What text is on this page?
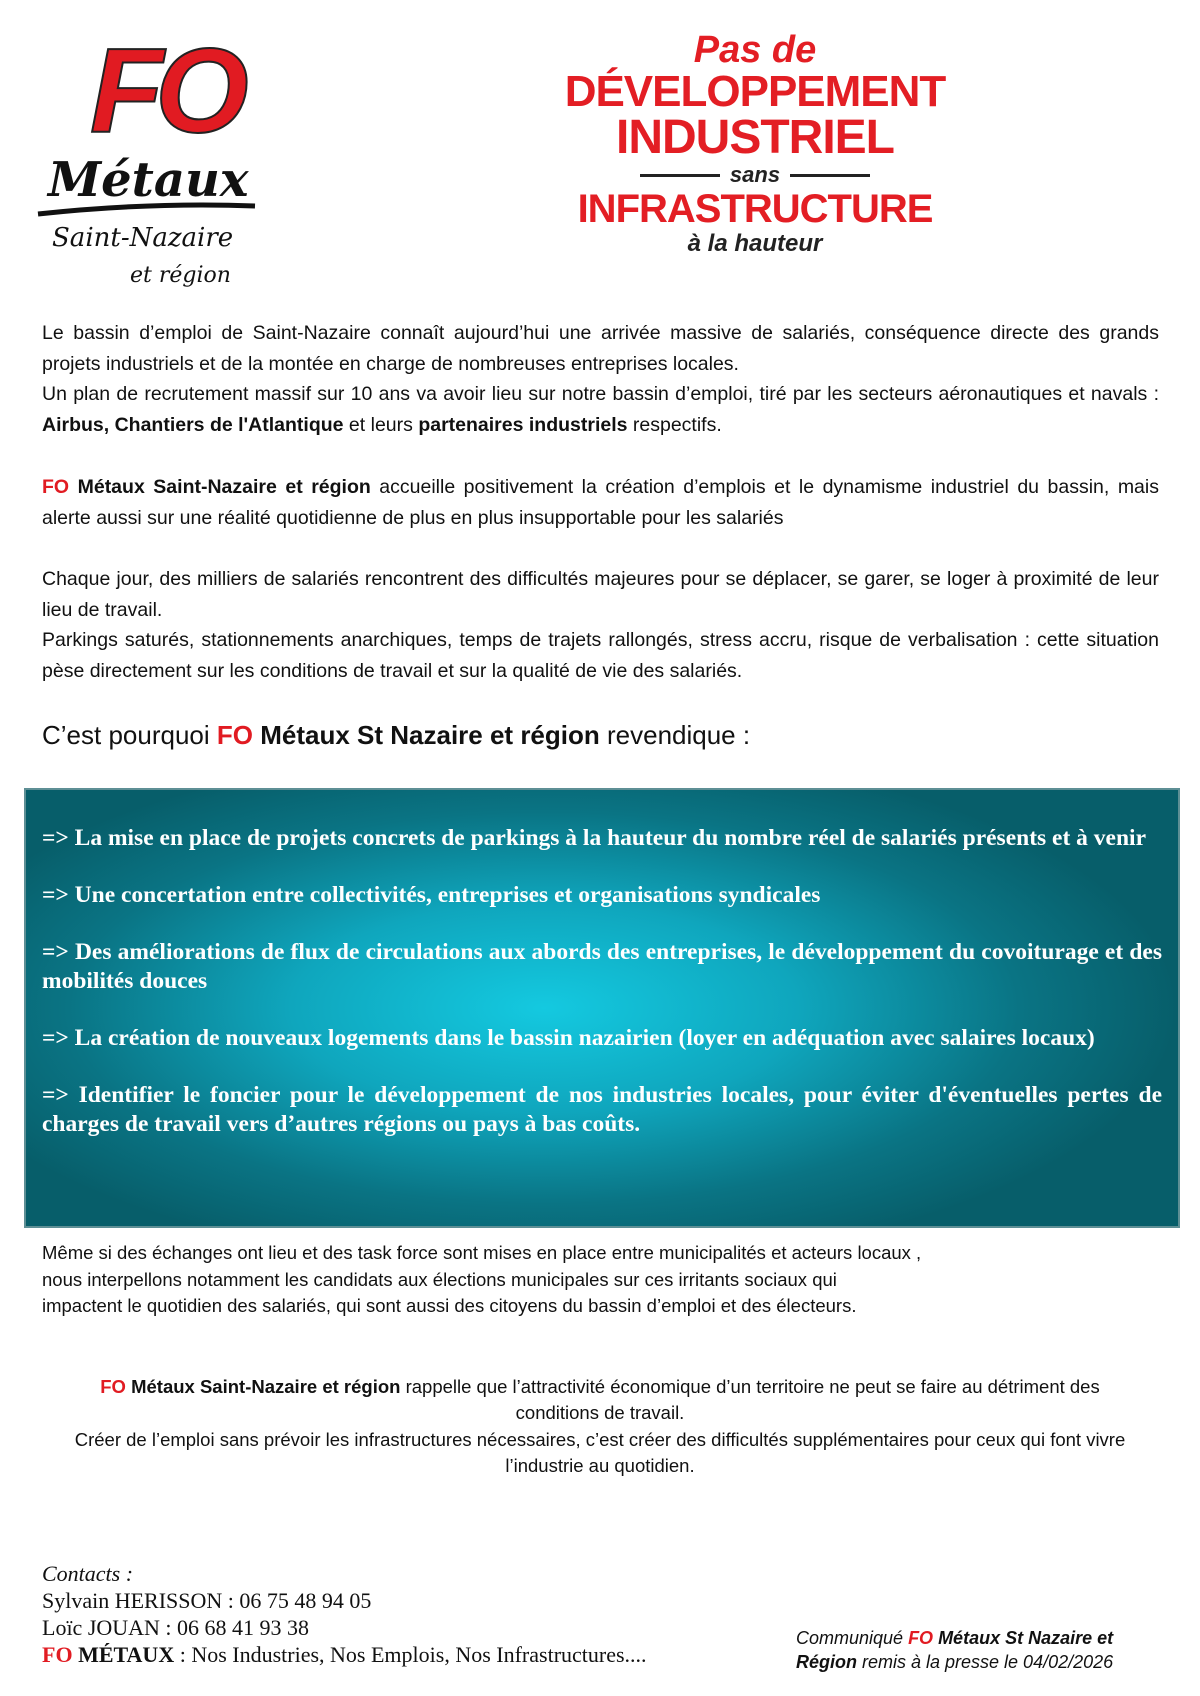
FO
Métaux
Saint-Nazaire
et région
Pas de
DÉVELOPPEMENT
INDUSTRIEL
sans
INFRASTRUCTURE
à la hauteur
Le bassin d’emploi de Saint-Nazaire connaît aujourd’hui une arrivée massive de salariés, conséquence directe des grands projets industriels et de la montée en charge de nombreuses entreprises locales.
Un plan de recrutement massif sur 10 ans va avoir lieu sur notre bassin d’emploi, tiré par les secteurs aéronautiques et navals : Airbus, Chantiers de l'Atlantique et leurs partenaires industriels respectifs.
FO Métaux Saint-Nazaire et région accueille positivement la création d’emplois et le dynamisme industriel du bassin, mais alerte aussi sur une réalité quotidienne de plus en plus insupportable pour les salariés
Chaque jour, des milliers de salariés rencontrent des difficultés majeures pour se déplacer, se garer, se loger à proximité de leur lieu de travail.
Parkings saturés, stationnements anarchiques, temps de trajets rallongés, stress accru, risque de verbalisation : cette situation pèse directement sur les conditions de travail et sur la qualité de vie des salariés.
C’est pourquoi FO Métaux St Nazaire et région revendique :
=> La mise en place de projets concrets de parkings à la hauteur du nombre réel de salariés présents et à venir
=> Une concertation entre collectivités, entreprises et organisations syndicales
=> Des améliorations de flux de circulations aux abords des entreprises, le développement du covoiturage et des mobilités douces
=> La création de nouveaux logements dans le bassin nazairien (loyer en adéquation avec salaires locaux)
=> Identifier le foncier pour le développement de nos industries locales, pour éviter d'éventuelles pertes de charges de travail vers d’autres régions ou pays à bas coûts.
Même si des échanges ont lieu et des task force sont mises en place entre municipalités et acteurs locaux ,
nous interpellons notamment les candidats aux élections municipales sur ces irritants sociaux qui
impactent le quotidien des salariés, qui sont aussi des citoyens du bassin d’emploi et des électeurs.
FO Métaux Saint-Nazaire et région rappelle que l’attractivité économique d’un territoire ne peut se faire au détriment des conditions de travail.
Créer de l’emploi sans prévoir les infrastructures nécessaires, c’est créer des difficultés supplémentaires pour ceux qui font vivre l’industrie au quotidien.
Contacts :
Sylvain HERISSON : 06 75 48 94 05
Loïc JOUAN : 06 68 41 93 38
FO MÉTAUX : Nos Industries, Nos Emplois, Nos Infrastructures....
Communiqué FO Métaux St Nazaire et Région remis à la presse le 04/02/2026
